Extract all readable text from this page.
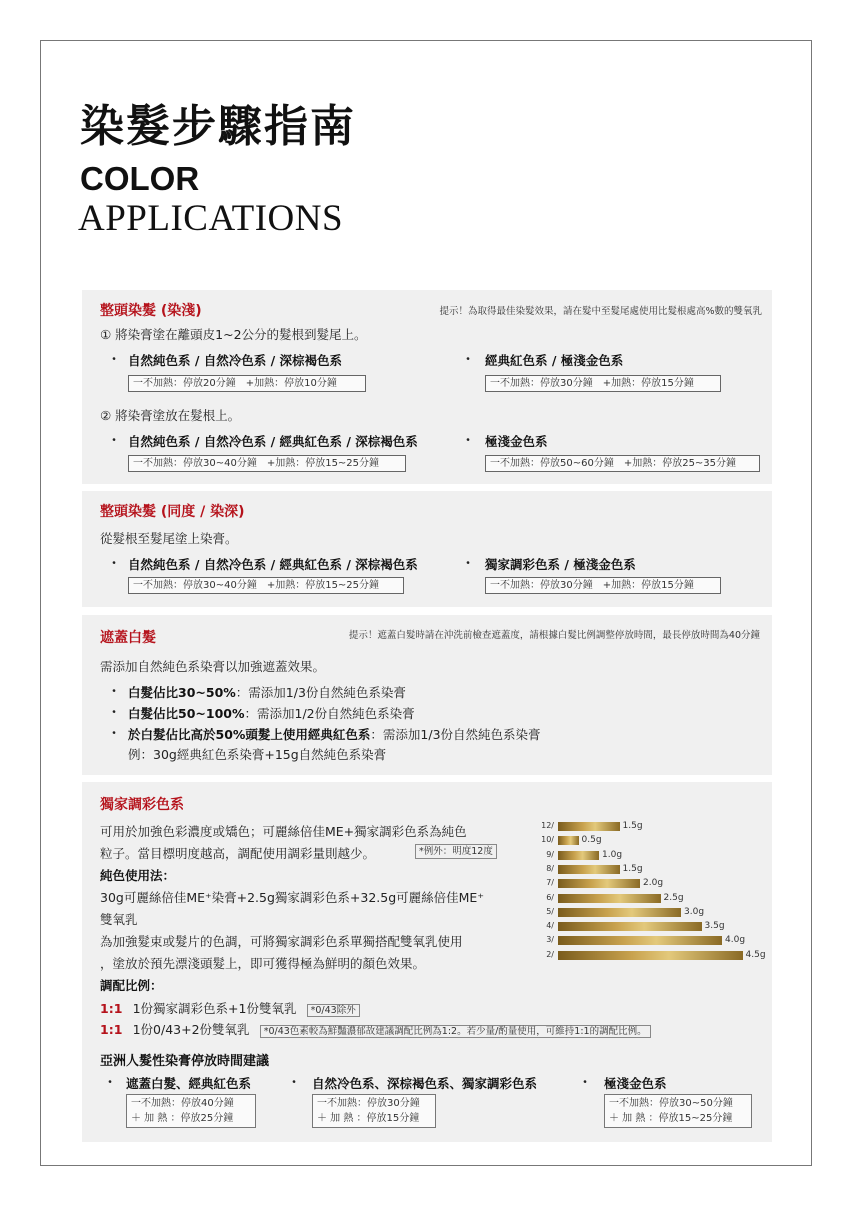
染髮步驟指南
COLOR
APPLICATIONS
整頭染髮 (染淺)	提示！為取得最佳染髮效果，請在髮中至髮尾處使用比髮根處高%數的雙氧乳
① 將染膏塗在離頭皮1~2公分的髮根到髮尾上。
・ 自然純色系 / 自然冷色系 / 深棕褐色系
一不加熱：停放20分鐘　+加熱：停放10分鐘
・ 經典紅色系 / 極淺金色系
一不加熱：停放30分鐘　+加熱：停放15分鐘
② 將染膏塗放在髮根上。
・ 自然純色系 / 自然冷色系 / 經典紅色系 / 深棕褐色系
一不加熱：停放30~40分鐘　+加熱：停放15~25分鐘
・ 極淺金色系
一不加熱：停放50~60分鐘　+加熱：停放25~35分鐘
整頭染髮 (同度 / 染深)
從髮根至髮尾塗上染膏。
・ 自然純色系 / 自然冷色系 / 經典紅色系 / 深棕褐色系
一不加熱：停放30~40分鐘　+加熱：停放15~25分鐘
・ 獨家調彩色系 / 極淺金色系
一不加熱：停放30分鐘　+加熱：停放15分鐘
遮蓋白髮	提示！遮蓋白髮時請在沖洗前檢查遮蓋度，請根據白髮比例調整停放時間，最長停放時間為40分鐘
需添加自然純色系染膏以加強遮蓋效果。
・ 白髮佔比30~50%：需添加1/3份自然純色系染膏
・ 白髮佔比50~100%：需添加1/2份自然純色系染膏
・ 於白髮佔比高於50%頭髮上使用經典紅色系：需添加1/3份自然純色系染膏
例：30g經典紅色系染膏+15g自然純色系染膏
獨家調彩色系
可用於加強色彩濃度或矯色；可麗絲倍佳ME+獨家調彩色系為純色
粒子。當目標明度越高，調配使用調彩量則越少。	*例外：明度12度
純色使用法：
30g可麗絲倍佳ME⁺染膏+2.5g獨家調彩色系+32.5g可麗絲倍佳ME⁺
雙氧乳
為加強髮束或髮片的色調，可將獨家調彩色系單獨搭配雙氧乳使用
，塗放於預先漂淺頭髮上，即可獲得極為鮮明的顏色效果。
調配比例：
1:1 1份獨家調彩色系+1份雙氧乳 *0/43除外
1:1 1份0/43+2份雙氧乳 *0/43色素較為鮮豔濃郁故建議調配比例為1:2。若少量/酌量使用，可維持1:1的調配比例。
亞洲人髮性染膏停放時間建議
・ 遮蓋白髮、經典紅色系
一不加熱：停放40分鐘
＋ 加 熱 ：停放25分鐘
・ 自然冷色系、深棕褐色系、獨家調彩色系
一不加熱：停放30分鐘
＋ 加 熱 ：停放15分鐘
・ 極淺金色系
一不加熱：停放30~50分鐘
＋ 加 熱 ：停放15~25分鐘
12/	1.5g
10/	0.5g
9/	1.0g
8/	1.5g
7/	2.0g
6/	2.5g
5/	3.0g
4/	3.5g
3/	4.0g
2/	4.5g
